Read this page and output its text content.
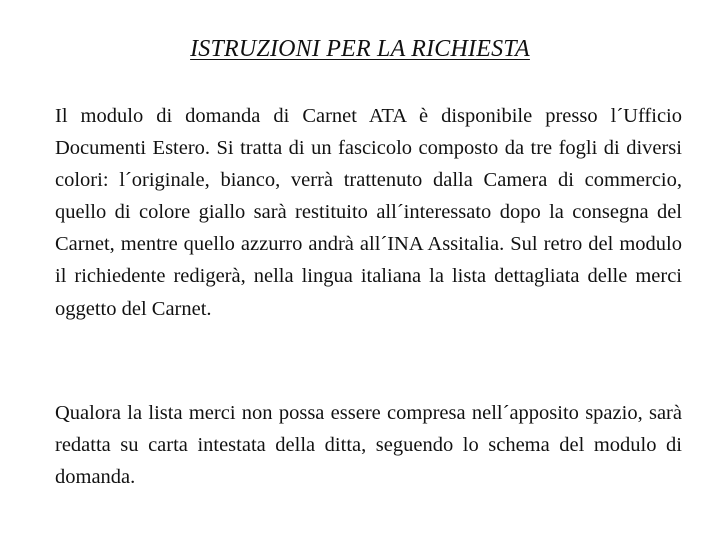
ISTRUZIONI PER LA RICHIESTA

Il modulo di domanda di Carnet ATA è disponibile presso l´Ufficio Documenti Estero. Si tratta di un fascicolo composto da tre fogli di diversi colori: l´originale, bianco, verrà trattenuto dalla Camera di commercio, quello di colore giallo sarà restituito all´interessato dopo la consegna del Carnet, mentre quello azzurro andrà all´INA Assitalia. Sul retro del modulo il richiedente redigerà, nella lingua italiana la lista dettagliata delle merci oggetto del Carnet.

Qualora la lista merci non possa essere compresa nell´apposito spazio, sarà redatta su carta intestata della ditta, seguendo lo schema del modulo di domanda.
